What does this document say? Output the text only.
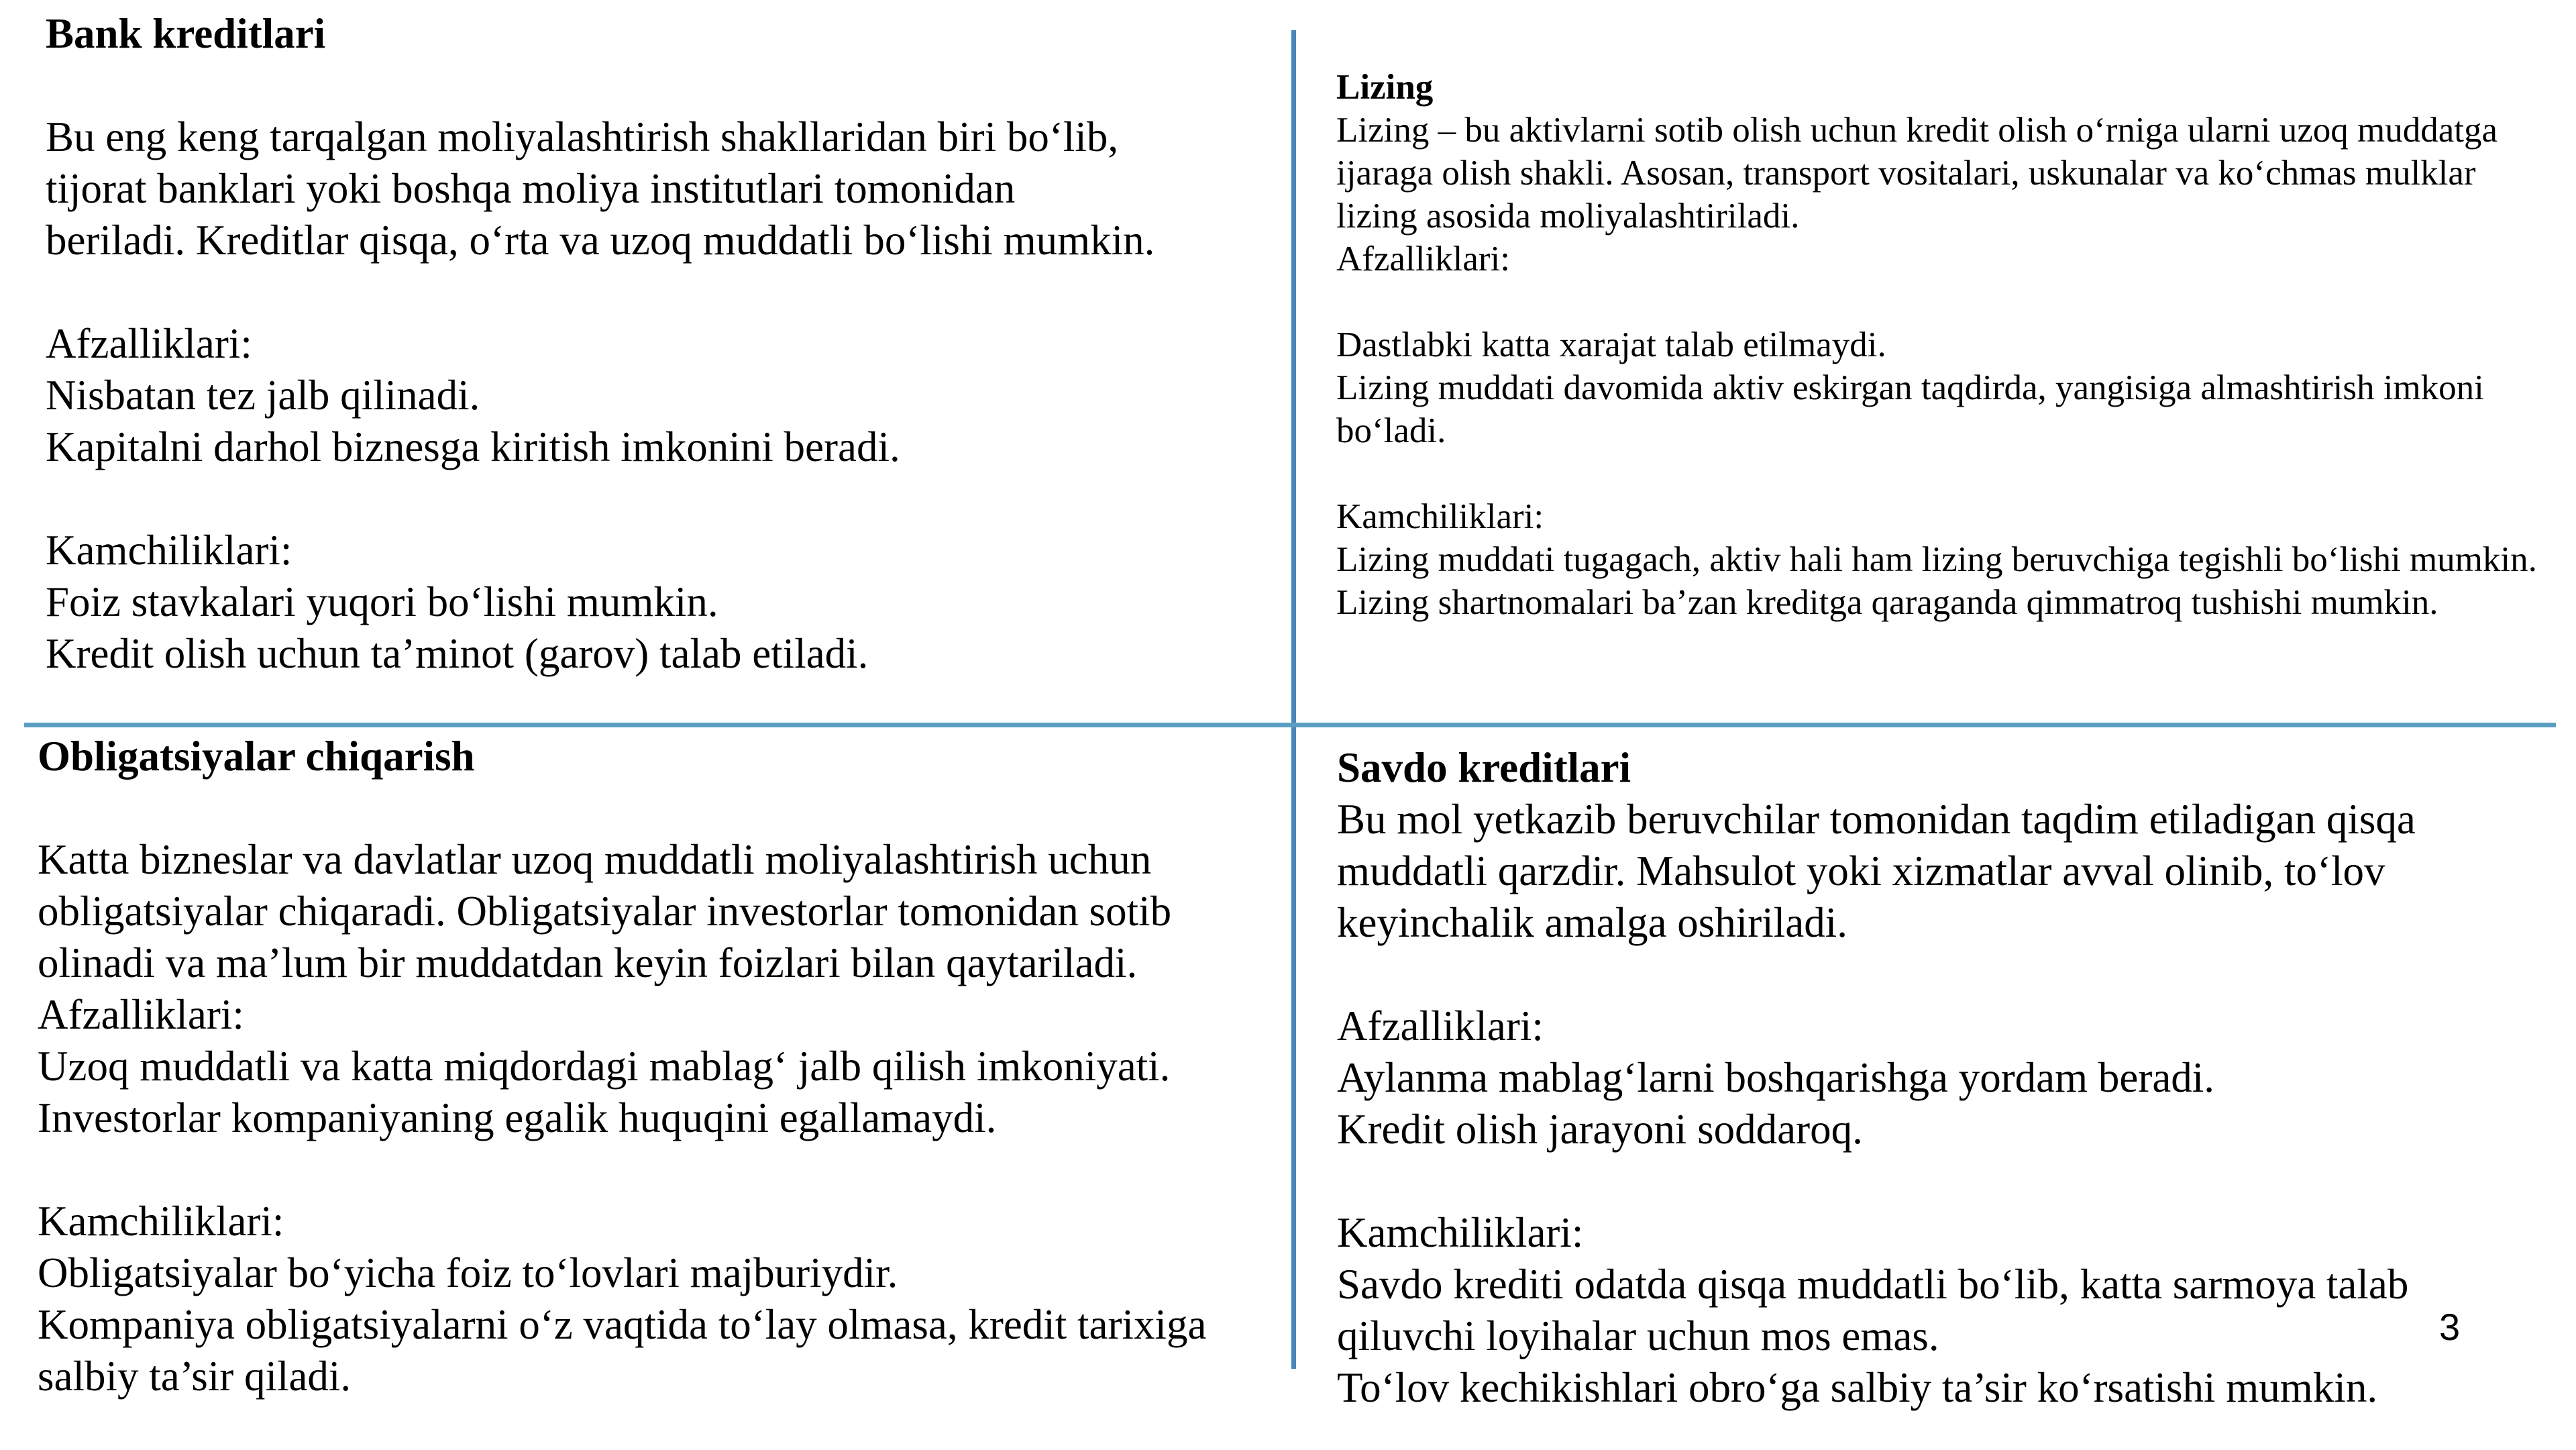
Bank kreditlari
Bu eng keng tarqalgan moliyalashtirish shakllaridan biri bo‘lib,
tijorat banklari yoki boshqa moliya institutlari tomonidan
beriladi. Kreditlar qisqa, o‘rta va uzoq muddatli bo‘lishi mumkin.
Afzalliklari:
Nisbatan tez jalb qilinadi.
Kapitalni darhol biznesga kiritish imkonini beradi.
Kamchiliklari:
Foiz stavkalari yuqori bo‘lishi mumkin.
Kredit olish uchun ta’minot (garov) talab etiladi.
Lizing
Lizing – bu aktivlarni sotib olish uchun kredit olish o‘rniga ularni uzoq muddatga
ijaraga olish shakli. Asosan, transport vositalari, uskunalar va ko‘chmas mulklar
lizing asosida moliyalashtiriladi.
Afzalliklari:
Dastlabki katta xarajat talab etilmaydi.
Lizing muddati davomida aktiv eskirgan taqdirda, yangisiga almashtirish imkoni
bo‘ladi.
Kamchiliklari:
Lizing muddati tugagach, aktiv hali ham lizing beruvchiga tegishli bo‘lishi mumkin.
Lizing shartnomalari ba’zan kreditga qaraganda qimmatroq tushishi mumkin.
Obligatsiyalar chiqarish
Katta biznеslar va davlatlar uzoq muddatli moliyalashtirish uchun
obligatsiyalar chiqaradi. Obligatsiyalar investorlar tomonidan sotib
olinadi va ma’lum bir muddatdan keyin foizlari bilan qaytariladi.
Afzalliklari:
Uzoq muddatli va katta miqdordagi mablag‘ jalb qilish imkoniyati.
Investorlar kompaniyaning egalik huquqini egallamaydi.
Kamchiliklari:
Obligatsiyalar bo‘yicha foiz to‘lovlari majburiydir.
Kompaniya obligatsiyalarni o‘z vaqtida to‘lay olmasa, kredit tarixiga
salbiy ta’sir qiladi.
Savdo kreditlari
Bu mol yetkazib beruvchilar tomonidan taqdim etiladigan qisqa
muddatli qarzdir. Mahsulot yoki xizmatlar avval olinib, to‘lov
keyinchalik amalga oshiriladi.
Afzalliklari:
Aylanma mablag‘larni boshqarishga yordam beradi.
Kredit olish jarayoni soddaroq.
Kamchiliklari:
Savdo krediti odatda qisqa muddatli bo‘lib, katta sarmoya talab
qiluvchi loyihalar uchun mos emas.
To‘lov kechikishlari obro‘ga salbiy ta’sir ko‘rsatishi mumkin.
3
